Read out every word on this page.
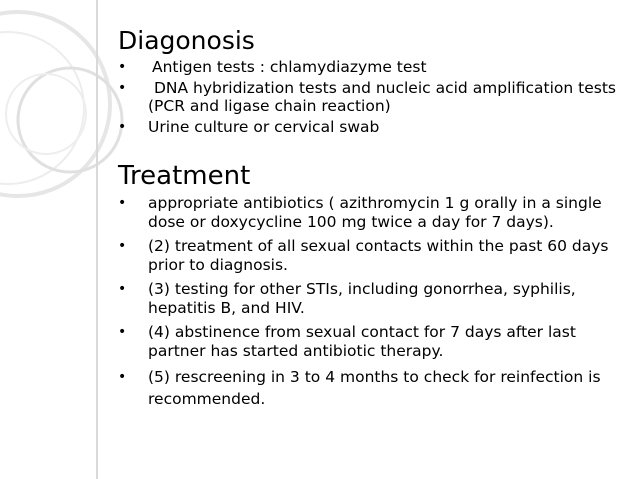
Diagonosis
• Antigen tests : chlamydiazyme test
•	DNA hybridization tests and nucleic acid amplification tests (PCR and ligase chain reaction)
• Urine culture or cervical swab
Treatment
• appropriate antibiotics ( azithromycin 1 g orally in a single dose or doxycycline 100 mg twice a day for 7 days).
• (2) treatment of all sexual contacts within the past 60 days prior to diagnosis.
• (3) testing for other STIs, including gonorrhea, syphilis, hepatitis B, and HIV.
• (4) abstinence from sexual contact for 7 days after last partner has started antibiotic therapy.
• (5) rescreening in 3 to 4 months to check for reinfection is recommended.
